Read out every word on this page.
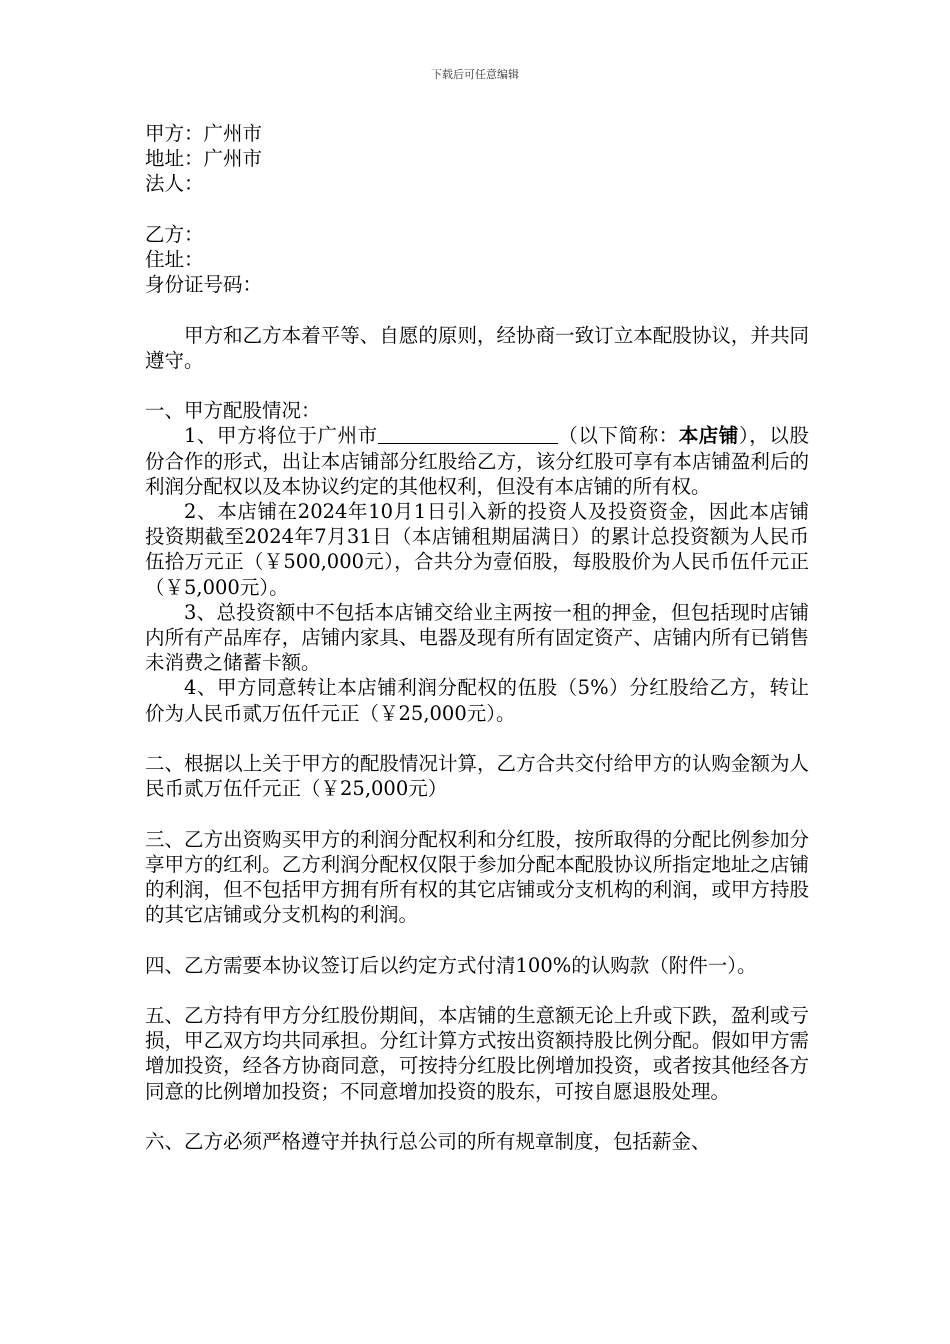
下载后可任意编辑
甲方：广州市
地址：广州市
法人：
乙方：
住址：
身份证号码：
甲方和乙方本着平等、自愿的原则，经协商一致订立本配股协议，并共同遵守。
一、甲方配股情况：
1、甲方将位于广州市	（以下简称：本店铺），以股份合作的形式，出让本店铺部分红股给乙方，该分红股可享有本店铺盈利后的利润分配权以及本协议约定的其他权利，但没有本店铺的所有权。
2、本店铺在2024年10月1日引入新的投资人及投资资金，因此本店铺投资期截至2024年7月31日（本店铺租期届满日）的累计总投资额为人民币伍拾万元正（￥500,000元），合共分为壹佰股，每股股价为人民币伍仟元正（￥5,000元）。
3、总投资额中不包括本店铺交给业主两按一租的押金，但包括现时店铺内所有产品库存，店铺内家具、电器及现有所有固定资产、店铺内所有已销售未消费之储蓄卡额。
4、甲方同意转让本店铺利润分配权的伍股（5%）分红股给乙方，转让价为人民币贰万伍仟元正（￥25,000元）。
二、根据以上关于甲方的配股情况计算，乙方合共交付给甲方的认购金额为人民币贰万伍仟元正（￥25,000元）
三、乙方出资购买甲方的利润分配权利和分红股，按所取得的分配比例参加分享甲方的红利。乙方利润分配权仅限于参加分配本配股协议所指定地址之店铺的利润，但不包括甲方拥有所有权的其它店铺或分支机构的利润，或甲方持股的其它店铺或分支机构的利润。
四、乙方需要本协议签订后以约定方式付清100%的认购款（附件一）。
五、乙方持有甲方分红股份期间，本店铺的生意额无论上升或下跌，盈利或亏损，甲乙双方均共同承担。分红计算方式按出资额持股比例分配。假如甲方需增加投资，经各方协商同意，可按持分红股比例增加投资，或者按其他经各方同意的比例增加投资；不同意增加投资的股东，可按自愿退股处理。
六、乙方必须严格遵守并执行总公司的所有规章制度，包括薪金、
